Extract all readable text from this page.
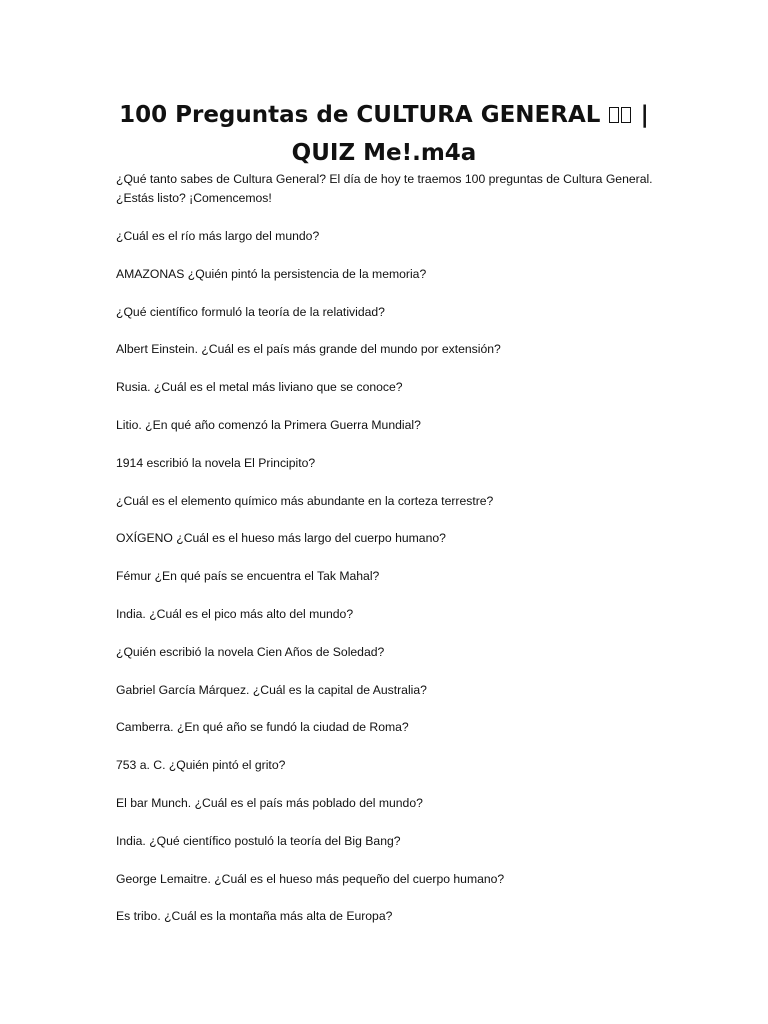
100 Preguntas de CULTURA GENERAL | QUIZ Me!.m4a

¿Qué tanto sabes de Cultura General? El día de hoy te traemos 100 preguntas de Cultura General.
¿Estás listo? ¡Comencemos!

¿Cuál es el río más largo del mundo?
AMAZONAS ¿Quién pintó la persistencia de la memoria?
¿Qué científico formuló la teoría de la relatividad?
Albert Einstein. ¿Cuál es el país más grande del mundo por extensión?
Rusia. ¿Cuál es el metal más liviano que se conoce?
Litio. ¿En qué año comenzó la Primera Guerra Mundial?
1914 escribió la novela El Principito?
¿Cuál es el elemento químico más abundante en la corteza terrestre?
OXÍGENO ¿Cuál es el hueso más largo del cuerpo humano?
Fémur ¿En qué país se encuentra el Tak Mahal?
India. ¿Cuál es el pico más alto del mundo?
¿Quién escribió la novela Cien Años de Soledad?
Gabriel García Márquez. ¿Cuál es la capital de Australia?
Camberra. ¿En qué año se fundó la ciudad de Roma?
753 a. C. ¿Quién pintó el grito?
El bar Munch. ¿Cuál es el país más poblado del mundo?
India. ¿Qué científico postuló la teoría del Big Bang?
George Lemaitre. ¿Cuál es el hueso más pequeño del cuerpo humano?
Es tribo. ¿Cuál es la montaña más alta de Europa?
